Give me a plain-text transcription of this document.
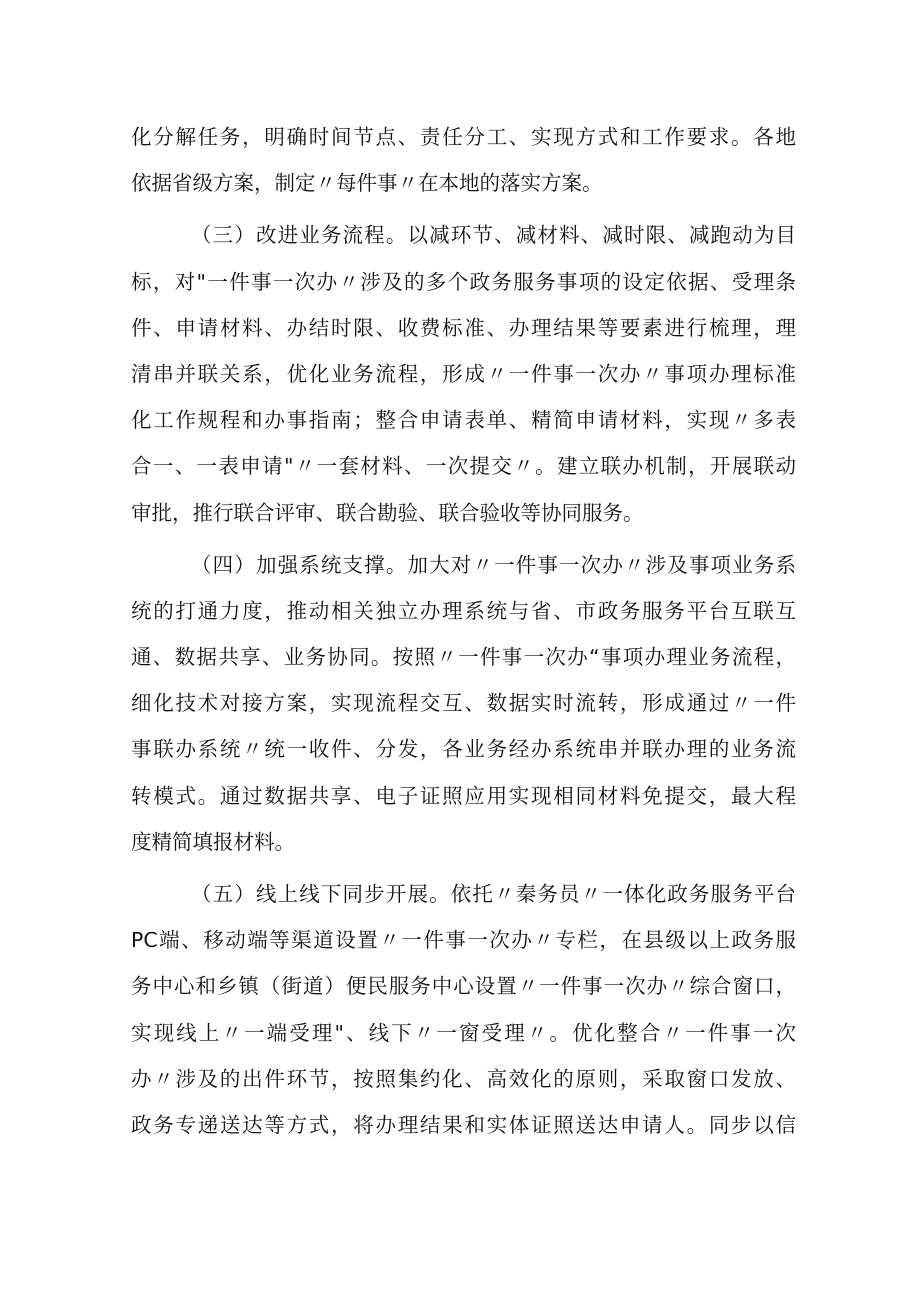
化分解任务，明确时间节点、责任分工、实现方式和工作要求。各地
依据省级方案，制定〃每件事〃在本地的落实方案。
（三）改进业务流程。以减环节、减材料、减时限、减跑动为目
标，对"一件事一次办〃涉及的多个政务服务事项的设定依据、受理条
件、申请材料、办结时限、收费标准、办理结果等要素进行梳理，理
清串并联关系，优化业务流程，形成〃一件事一次办〃事项办理标准
化工作规程和办事指南；整合申请表单、精简申请材料，实现〃多表
合一、一表申请"〃一套材料、一次提交〃。建立联办机制，开展联动
审批，推行联合评审、联合勘验、联合验收等协同服务。
（四）加强系统支撑。加大对〃一件事一次办〃涉及事项业务系
统的打通力度，推动相关独立办理系统与省、市政务服务平台互联互
通、数据共享、业务协同。按照〃一件事一次办“事项办理业务流程，
细化技术对接方案，实现流程交互、数据实时流转，形成通过〃一件
事联办系统〃统一收件、分发，各业务经办系统串并联办理的业务流
转模式。通过数据共享、电子证照应用实现相同材料免提交，最大程
度精简填报材料。
（五）线上线下同步开展。依托〃秦务员〃一体化政务服务平台
PC端、移动端等渠道设置〃一件事一次办〃专栏，在县级以上政务服
务中心和乡镇（街道）便民服务中心设置〃一件事一次办〃综合窗口，
实现线上〃一端受理"、线下〃一窗受理〃。优化整合〃一件事一次
办〃涉及的出件环节，按照集约化、高效化的原则，采取窗口发放、
政务专递送达等方式，将办理结果和实体证照送达申请人。同步以信
